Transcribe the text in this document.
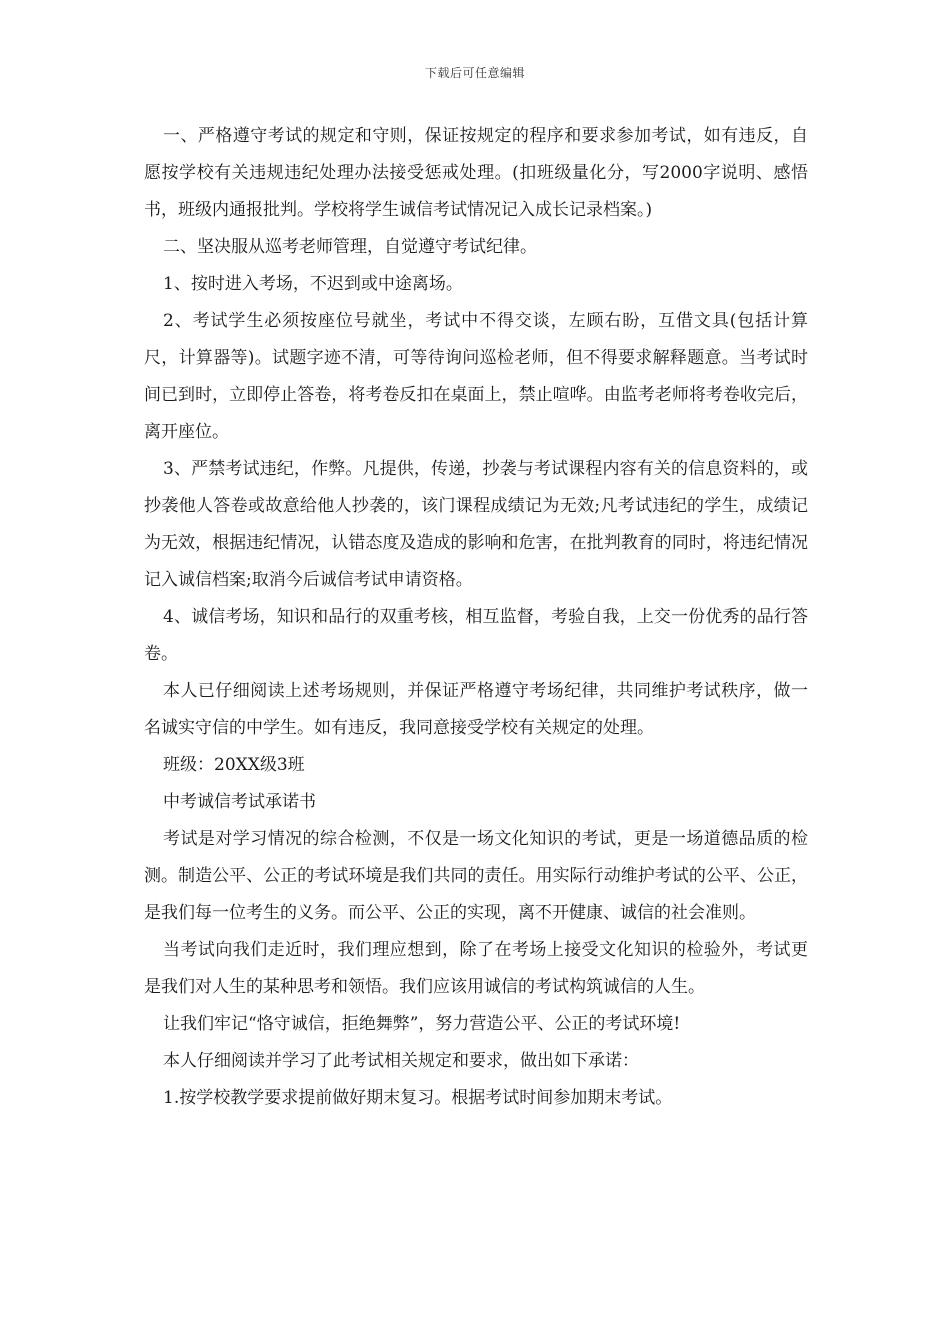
下载后可任意编辑

一、严格遵守考试的规定和守则，保证按规定的程序和要求参加考试，如有违反，自愿按学校有关违规违纪处理办法接受惩戒处理。(扣班级量化分，写2000字说明、感悟书，班级内通报批判。学校将学生诚信考试情况记入成长记录档案。)

二、坚决服从巡考老师管理，自觉遵守考试纪律。

1、按时进入考场，不迟到或中途离场。

2、考试学生必须按座位号就坐，考试中不得交谈，左顾右盼，互借文具(包括计算尺，计算器等)。试题字迹不清，可等待询问巡检老师，但不得要求解释题意。当考试时间已到时，立即停止答卷，将考卷反扣在桌面上，禁止喧哗。由监考老师将考卷收完后，离开座位。

3、严禁考试违纪，作弊。凡提供，传递，抄袭与考试课程内容有关的信息资料的，或抄袭他人答卷或故意给他人抄袭的，该门课程成绩记为无效;凡考试违纪的学生，成绩记为无效，根据违纪情况，认错态度及造成的影响和危害，在批判教育的同时，将违纪情况记入诚信档案;取消今后诚信考试申请资格。

4、诚信考场，知识和品行的双重考核，相互监督，考验自我，上交一份优秀的品行答卷。

本人已仔细阅读上述考场规则，并保证严格遵守考场纪律，共同维护考试秩序，做一名诚实守信的中学生。如有违反，我同意接受学校有关规定的处理。

班级：20XX级3班

中考诚信考试承诺书

考试是对学习情况的综合检测，不仅是一场文化知识的考试，更是一场道德品质的检测。制造公平、公正的考试环境是我们共同的责任。用实际行动维护考试的公平、公正，是我们每一位考生的义务。而公平、公正的实现，离不开健康、诚信的社会准则。

当考试向我们走近时，我们理应想到，除了在考场上接受文化知识的检验外，考试更是我们对人生的某种思考和领悟。我们应该用诚信的考试构筑诚信的人生。

让我们牢记“恪守诚信，拒绝舞弊”，努力营造公平、公正的考试环境!

本人仔细阅读并学习了此考试相关规定和要求，做出如下承诺：

1.按学校教学要求提前做好期末复习。根据考试时间参加期末考试。
